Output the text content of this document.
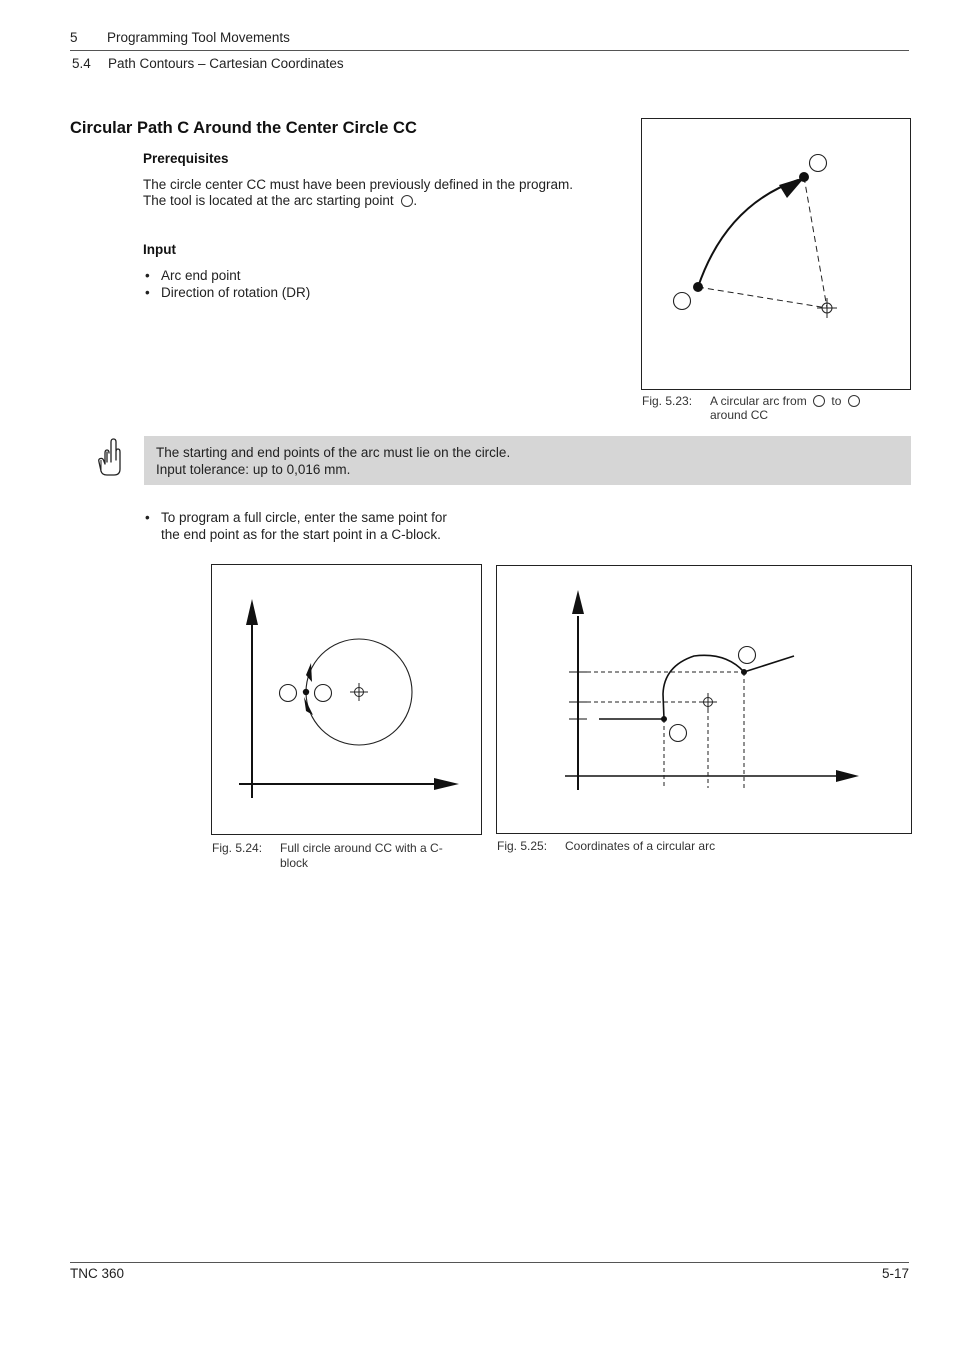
5 Programming Tool Movements
5.4 Path Contours – Cartesian Coordinates
Circular Path C Around the Center Circle CC
Prerequisites
The circle center CC must have been previously defined in the program.
The tool is located at the arc starting point .
Input
• Arc end point
• Direction of rotation (DR)
Fig. 5.23: A circular arc from to
around CC
The starting and end points of the arc must lie on the circle.
Input tolerance: up to 0,016 mm.
• To program a full circle, enter the same point for
the end point as for the start point in a C-block.
Fig. 5.24: Full circle around CC with a C-
block
Fig. 5.25: Coordinates of a circular arc
TNC 360	5-17
